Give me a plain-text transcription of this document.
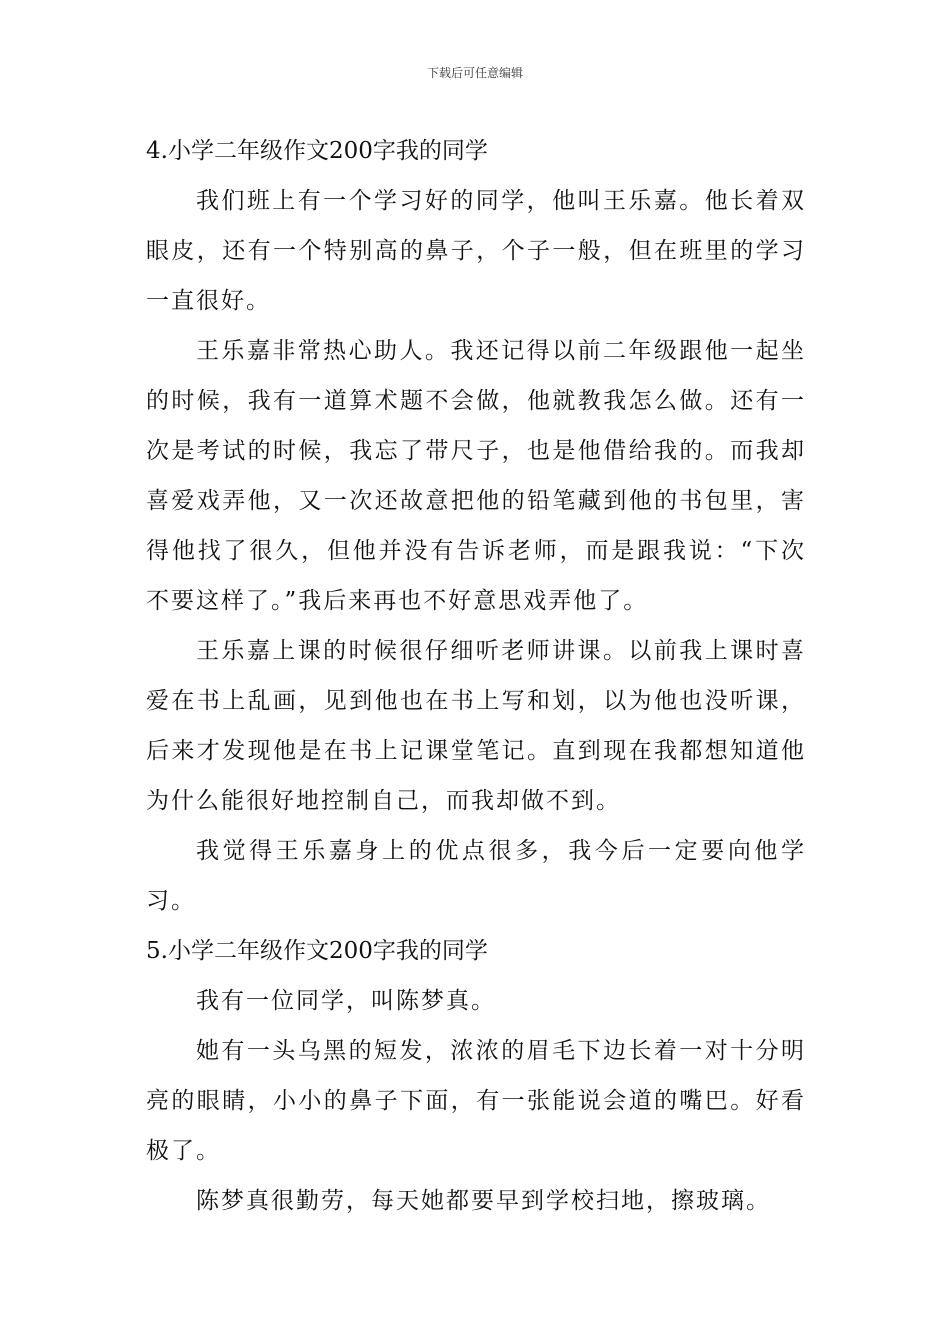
下载后可任意编辑
4.小学二年级作文200字我的同学

我们班上有一个学习好的同学，他叫王乐嘉。他长着双眼皮，还有一个特别高的鼻子，个子一般，但在班里的学习一直很好。

王乐嘉非常热心助人。我还记得以前二年级跟他一起坐的时候，我有一道算术题不会做，他就教我怎么做。还有一次是考试的时候，我忘了带尺子，也是他借给我的。而我却喜爱戏弄他，又一次还故意把他的铅笔藏到他的书包里，害得他找了很久，但他并没有告诉老师，而是跟我说：“下次不要这样了。”我后来再也不好意思戏弄他了。

王乐嘉上课的时候很仔细听老师讲课。以前我上课时喜爱在书上乱画，见到他也在书上写和划，以为他也没听课，后来才发现他是在书上记课堂笔记。直到现在我都想知道他为什么能很好地控制自己，而我却做不到。

我觉得王乐嘉身上的优点很多，我今后一定要向他学习。

5.小学二年级作文200字我的同学

我有一位同学，叫陈梦真。

她有一头乌黑的短发，浓浓的眉毛下边长着一对十分明亮的眼睛，小小的鼻子下面，有一张能说会道的嘴巴。好看极了。

陈梦真很勤劳，每天她都要早到学校扫地，擦玻璃。
